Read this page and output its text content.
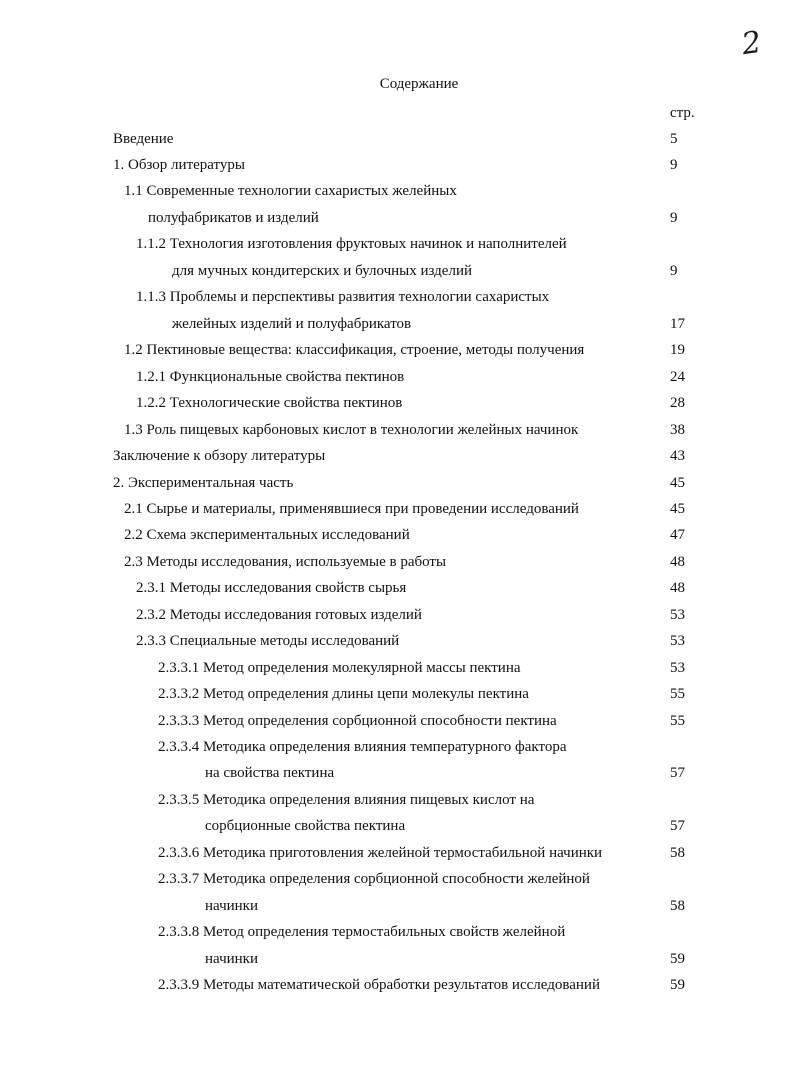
2
Содержание
стр.
Введение
1. Обзор литературы
1.1 Современные технологии сахаристых желейных
полуфабрикатов и изделий
1.1.2 Технология изготовления фруктовых начинок и наполнителей
для мучных кондитерских и булочных изделий
1.1.3 Проблемы и перспективы развития технологии сахаристых
желейных изделий и полуфабрикатов
1.2 Пектиновые вещества: классификация, строение, методы получения
1.2.1 Функциональные свойства пектинов
1.2.2 Технологические свойства пектинов
1.3 Роль пищевых карбоновых кислот в технологии желейных начинок
Заключение к обзору литературы
2. Экспериментальная часть
2.1 Сырье и материалы, применявшиеся при проведении исследований
2.2 Схема экспериментальных исследований
2.3 Методы исследования, используемые в работы
2.3.1 Методы исследования свойств сырья
2.3.2 Методы исследования готовых изделий
2.3.3 Специальные методы исследований
2.3.3.1 Метод определения молекулярной массы пектина
2.3.3.2 Метод определения длины цепи молекулы пектина
2.3.3.3 Метод определения сорбционной способности пектина
2.3.3.4 Методика определения влияния температурного фактора
на свойства пектина
2.3.3.5 Методика определения влияния пищевых кислот на
сорбционные свойства пектина
2.3.3.6 Методика приготовления желейной термостабильной начинки
2.3.3.7 Методика определения сорбционной способности желейной
начинки
2.3.3.8 Метод определения термостабильных свойств желейной
начинки
2.3.3.9 Методы математической обработки результатов исследований
5
9
9
9
17
19
24
28
38
43
45
45
47
48
48
53
53
53
55
55
57
57
58
58
59
59
